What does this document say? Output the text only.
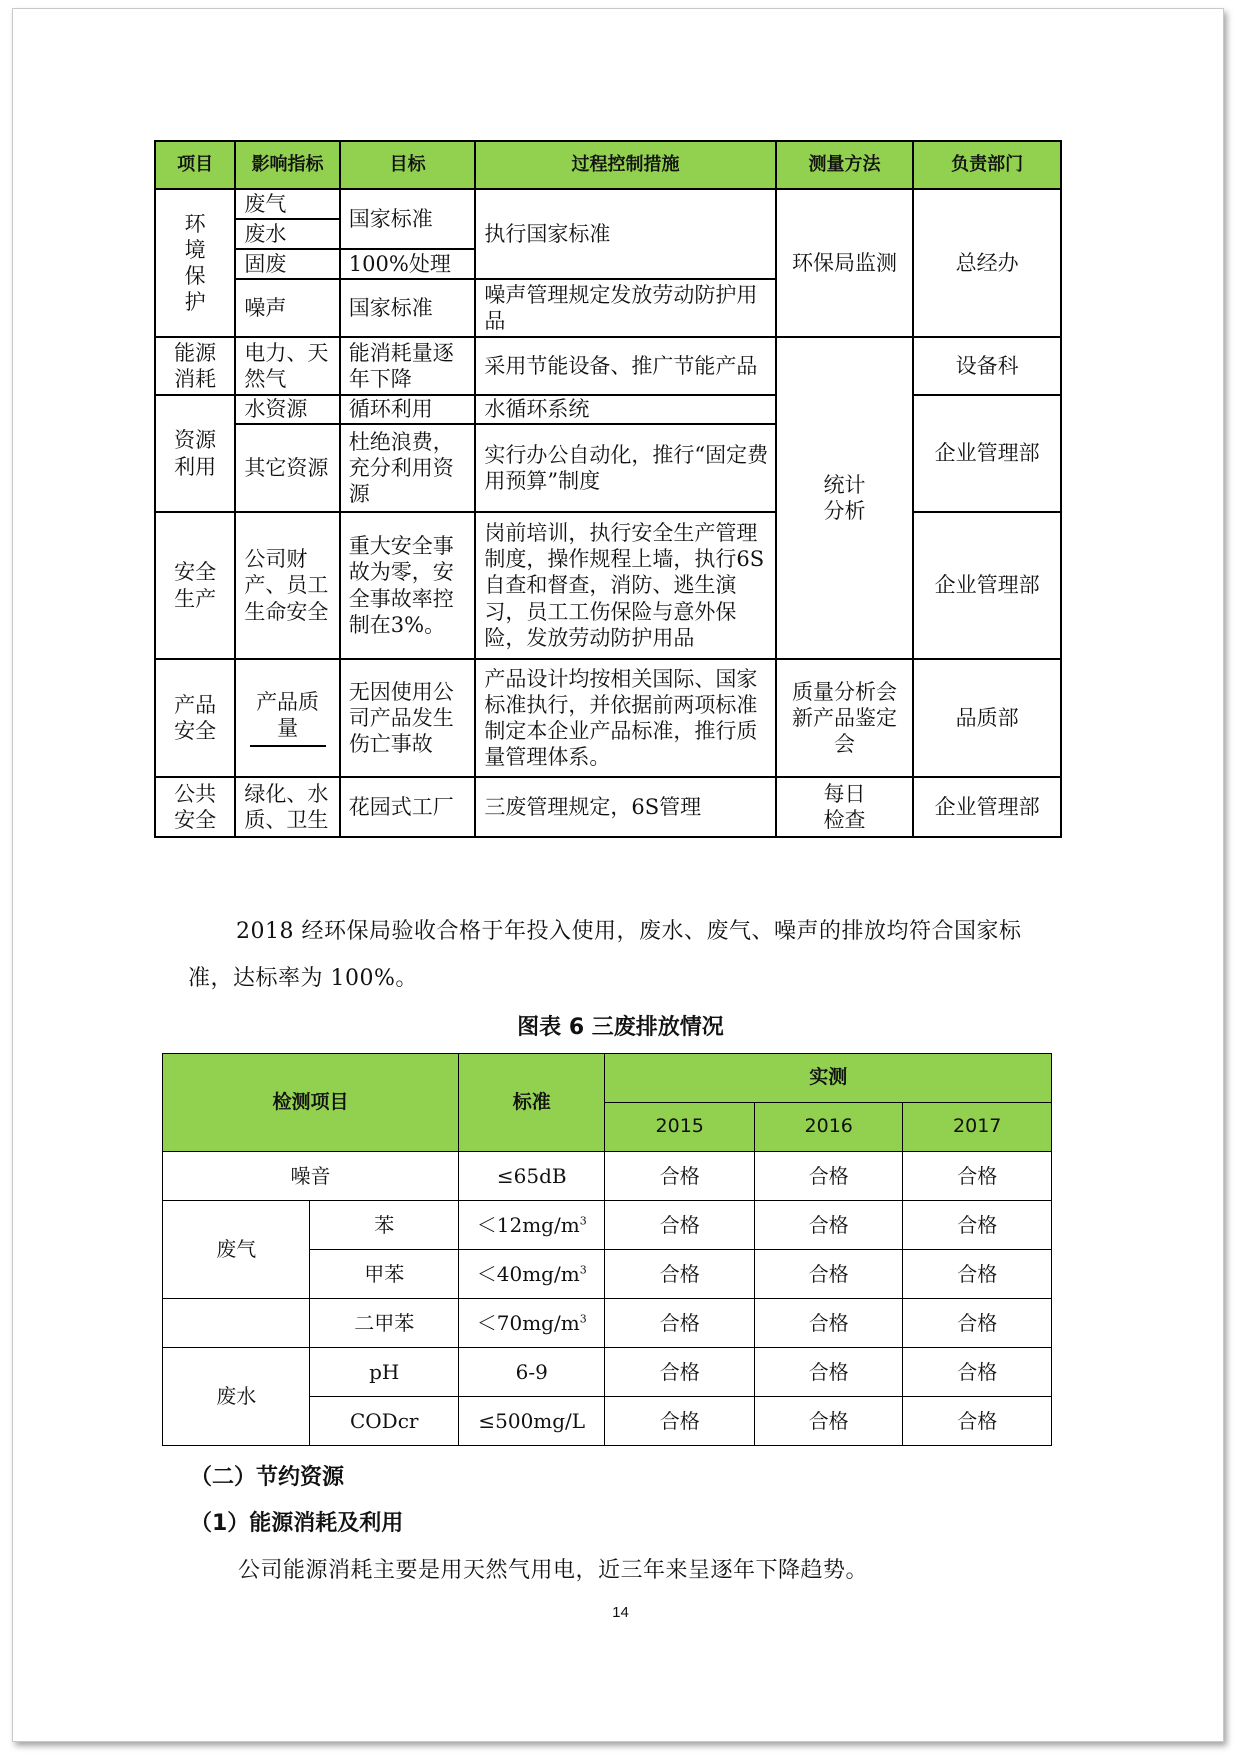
项目	影响指标	目标	过程控制措施	测量方法	负责部门

环境保护	废气	国家标准	执行国家标准	环保局监测	总经办
	废水				
	固废	100%处理			
	噪声	国家标准	噪声管理规定发放劳动防护用品		

能源消耗	电力、天然气	能消耗量逐年下降	采用节能设备、推广节能产品	统计分析	设备科

资源利用	水资源	循环利用	水循环系统		企业管理部
	其它资源	杜绝浪费，充分利用资源	实行办公自动化，推行“固定费用预算”制度		

安全生产	公司财产、员工生命安全	重大安全事故为零，安全事故率控制在3%。	岗前培训，执行安全生产管理制度，操作规程上墙，执行6S自查和督查，消防、逃生演习，员工工伤保险与意外保险，发放劳动防护用品		企业管理部

产品安全	产品质量	无因使用公司产品发生伤亡事故	产品设计均按相关国际、国家标准执行，并依据前两项标准制定本企业产品标准，推行质量管理体系。	质量分析会新产品鉴定会	品质部

公共安全	绿化、水质、卫生	花园式工厂	三废管理规定，6S管理	每日检查	企业管理部
2018 经环保局验收合格于年投入使用，废水、废气、噪声的排放均符合国家标准，达标率为 100%。
图表 6 三废排放情况
检测项目		标准	实测		
			2015	2016	2017
噪音		≤65dB	合格	合格	合格
废气	苯	$<12mg/m^3$	合格	合格	合格
	甲苯	$<40mg/m^3$	合格	合格	合格
	二甲苯	$<70mg/m^3$	合格	合格	合格
废水	pH	6-9	合格	合格	合格
	CODcr	≤500mg/L	合格	合格	合格
（二）节约资源
（1）能源消耗及利用
公司能源消耗主要是用天然气用电，近三年来呈逐年下降趋势。
14
